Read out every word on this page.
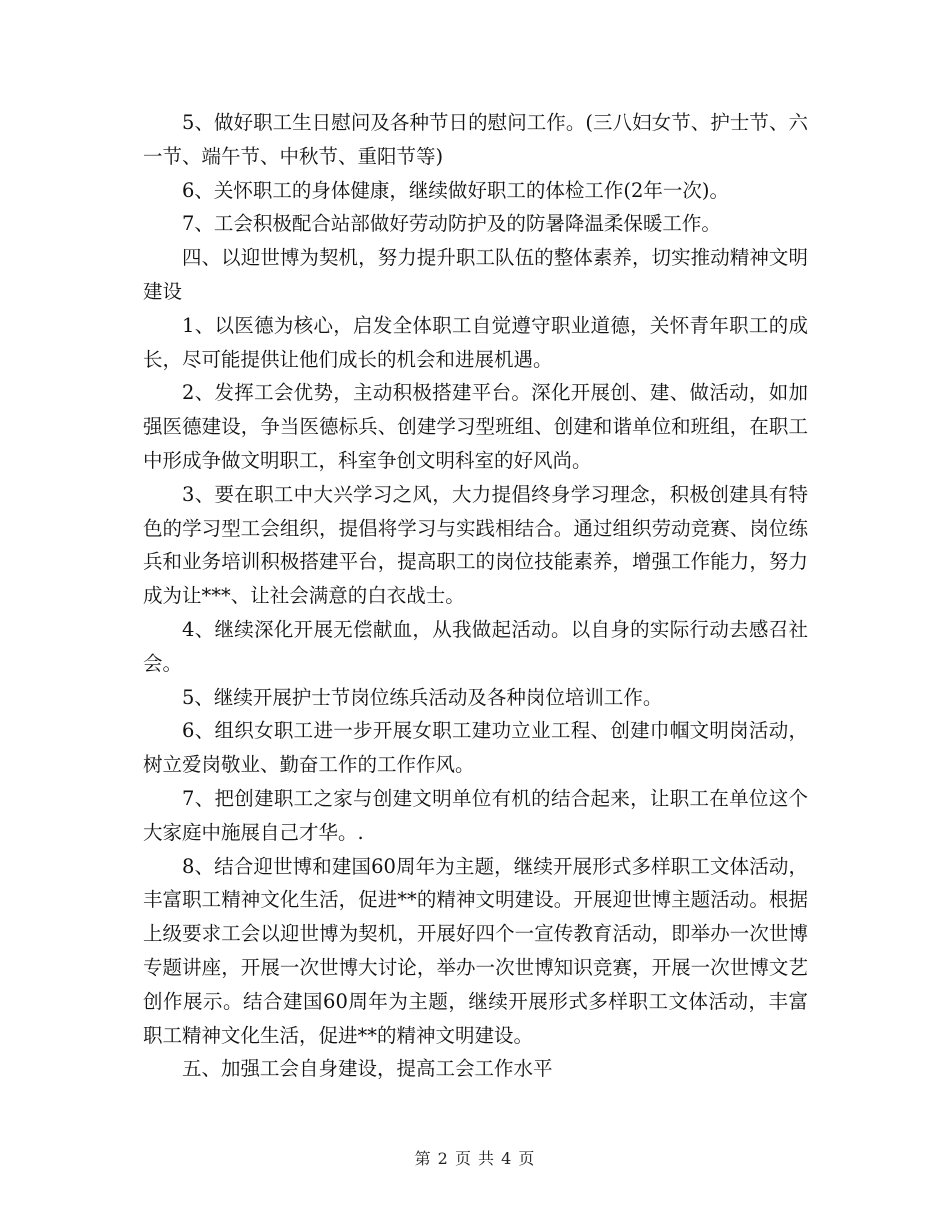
5、做好职工生日慰问及各种节日的慰问工作。(三八妇女节、护士节、六一节、端午节、中秋节、重阳节等)

6、关怀职工的身体健康，继续做好职工的体检工作(2年一次)。

7、工会积极配合站部做好劳动防护及的防暑降温柔保暖工作。

四、以迎世博为契机，努力提升职工队伍的整体素养，切实推动精神文明建设

1、以医德为核心，启发全体职工自觉遵守职业道德，关怀青年职工的成长，尽可能提供让他们成长的机会和进展机遇。

2、发挥工会优势，主动积极搭建平台。深化开展创、建、做活动，如加强医德建设，争当医德标兵、创建学习型班组、创建和谐单位和班组，在职工中形成争做文明职工，科室争创文明科室的好风尚。

3、要在职工中大兴学习之风，大力提倡终身学习理念，积极创建具有特色的学习型工会组织，提倡将学习与实践相结合。通过组织劳动竞赛、岗位练兵和业务培训积极搭建平台，提高职工的岗位技能素养，增强工作能力，努力成为让***、让社会满意的白衣战士。

4、继续深化开展无偿献血，从我做起活动。以自身的实际行动去感召社会。

5、继续开展护士节岗位练兵活动及各种岗位培训工作。

6、组织女职工进一步开展女职工建功立业工程、创建巾帼文明岗活动，树立爱岗敬业、勤奋工作的工作作风。

7、把创建职工之家与创建文明单位有机的结合起来，让职工在单位这个大家庭中施展自己才华。.

8、结合迎世博和建国60周年为主题，继续开展形式多样职工文体活动，丰富职工精神文化生活，促进**的精神文明建设。开展迎世博主题活动。根据上级要求工会以迎世博为契机，开展好四个一宣传教育活动，即举办一次世博专题讲座，开展一次世博大讨论，举办一次世博知识竞赛，开展一次世博文艺创作展示。结合建国60周年为主题，继续开展形式多样职工文体活动，丰富职工精神文化生活，促进**的精神文明建设。

五、加强工会自身建设，提高工会工作水平

第 2 页 共 4 页
